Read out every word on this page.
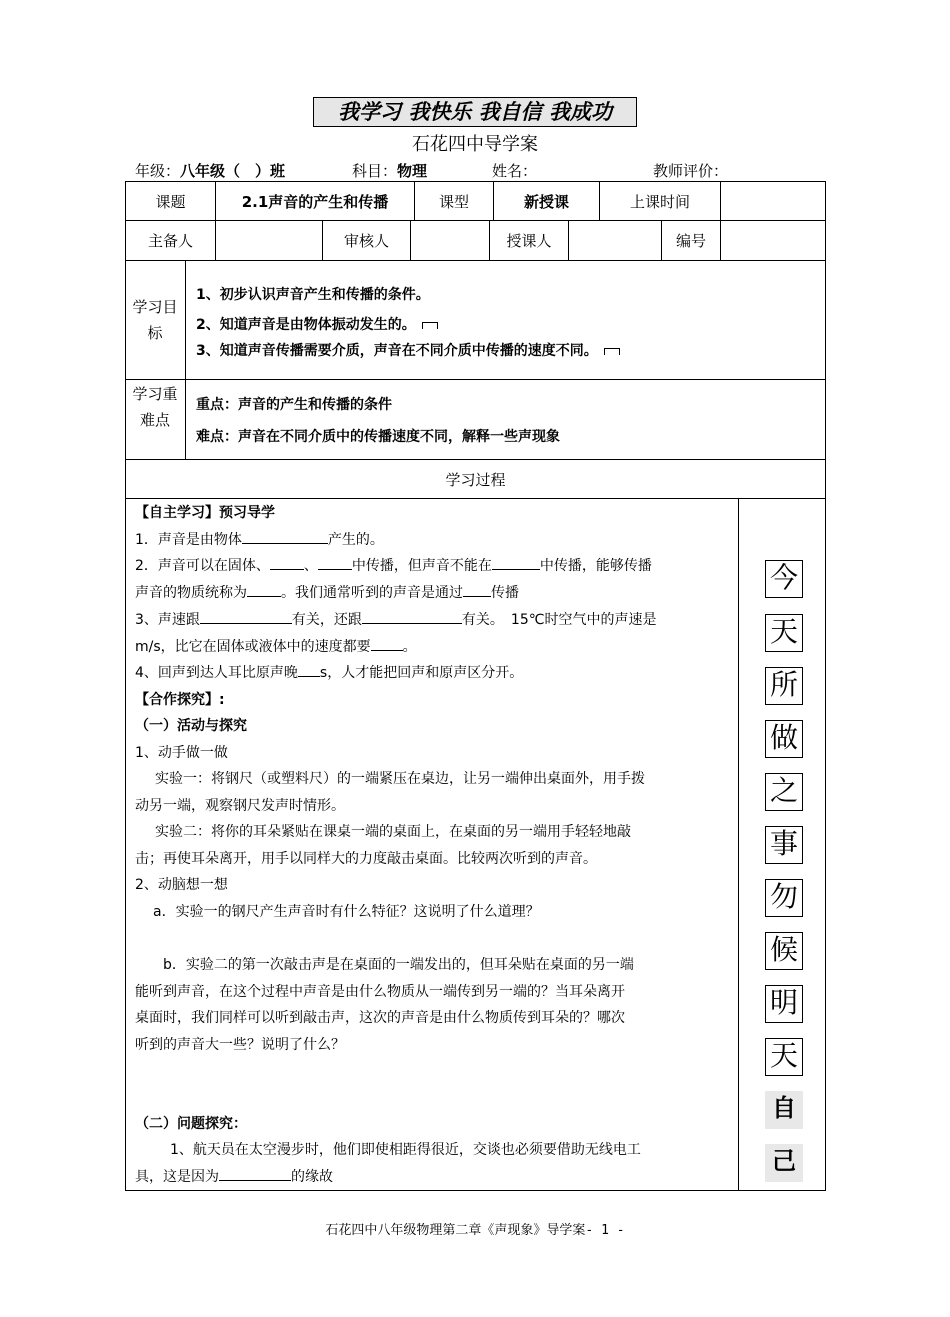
我学习 我快乐 我自信 我成功
石花四中导学案
年级：八年级（　）班	科目：物理	姓名：	教师评价：
课题	2.1声音的产生和传播	课型	新授课	上课时间
主备人	审核人	授课人	编号
学习目标
1、初步认识声音产生和传播的条件。
2、知道声音是由物体振动发生的。
3、知道声音传播需要介质，声音在不同介质中传播的速度不同。
学习重难点
重点：声音的产生和传播的条件
难点：声音在不同介质中的传播速度不同，解释一些声现象
学习过程
【自主学习】预习导学
1．声音是由物体	产生的。
2．声音可以在固体、 、 中传播，但声音不能在	中传播，能够传播
声音的物质统称为 。我们通常听到的声音是通过 传播
3、声速跟	有关，还跟	有关。　15℃时空气中的声速是
m/s，比它在固体或液体中的速度都要 。
4、回声到达人耳比原声晚 s，人才能把回声和原声区分开。
【合作探究】:
（一）活动与探究
1、动手做一做
实验一：将钢尺（或塑料尺）的一端紧压在桌边，让另一端伸出桌面外，用手拨
动另一端，观察钢尺发声时情形。
实验二：将你的耳朵紧贴在课桌一端的桌面上，在桌面的另一端用手轻轻地敲
击；再使耳朵离开，用手以同样大的力度敲击桌面。比较两次听到的声音。
2、动脑想一想
a．实验一的钢尺产生声音时有什么特征？这说明了什么道理？
b．实验二的第一次敲击声是在桌面的一端发出的，但耳朵贴在桌面的另一端
能听到声音，在这个过程中声音是由什么物质从一端传到另一端的？当耳朵离开
桌面时，我们同样可以听到敲击声，这次的声音是由什么物质传到耳朵的？哪次
听到的声音大一些？说明了什么？
（二）问题探究：
1、航天员在太空漫步时，他们即使相距得很近，交谈也必须要借助无线电工
具，这是因为	的缘故
今
天
所
做
之
事
勿
候
明
天
自
己
石花四中八年级物理第二章《声现象》导学案- 1 -
